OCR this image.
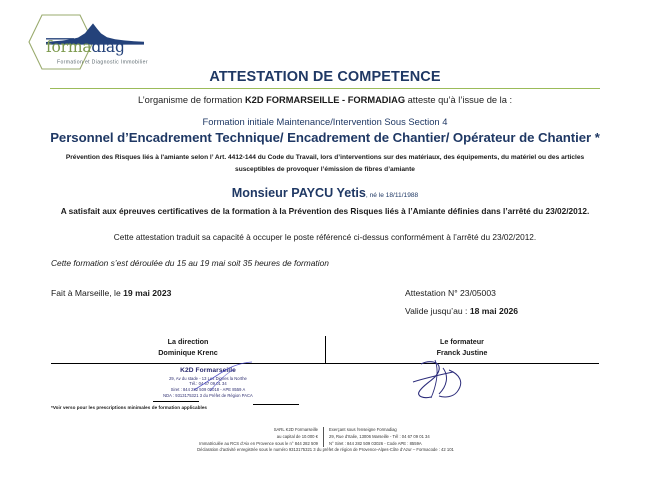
formadiag
Formation et Diagnostic Immobilier
ATTESTATION DE COMPETENCE
L’organisme de formation K2D FORMARSEILLE - FORMADIAG atteste qu’à l’issue de la :
Formation initiale Maintenance/Intervention Sous Section 4
Personnel d’Encadrement Technique/ Encadrement de Chantier/ Opérateur de Chantier *
Prévention des Risques liés à l'amiante selon l’ Art. 4412-144 du Code du Travail, lors d’interventions sur des matériaux, des équipements, du matériel ou des articles
susceptibles de provoquer l’émission de fibres d’amiante
Monsieur PAYCU Yetis, né le 18/11/1988
A satisfait aux épreuves certificatives de la formation à la Prévention des Risques liés à l’Amiante définies dans l’arrêté du 23/02/2012.
Cette attestation traduit sa capacité à occuper le poste référencé ci-dessus conformément à l’arrêté du 23/02/2012.
Cette formation s’est déroulée du 15 au 19 mai soit 35 heures de formation
Fait à Marseille, le 19 mai 2023	Attestation N° 23/05003
Valide jusqu’au : 18 mai 2026
La direction
Dominique Krenc
Le formateur
Franck Justine
K2D Formarseille
29, Av du stade - 13 Les Dignes la Northe
Tél.: 04 67 09 01 34
Siret : 844 282 509 00018 - APE 8559 A
NDA : 9313175321 3 du Préfet de Région PACA
*Voir verso pour les prescriptions minimales de formation applicables
SARL K2D Formarseille
au capital de 10.000 €
Immatriculée au RCS d’Aix en Provence sous le n° 844 282 509
Exerçant sous l’enseigne Formadiag
29, Rue d’Italie, 13006 Marseille - Tél : 04 67 09 01 34
N° Siret : 844 282 509 03026 - Code APE : 8559A
Déclaration d’activité enregistrée sous le numéro 9313175321 3 du préfet de région de Provence-Alpes-Côte d’Azur – Formacode : 42 101
